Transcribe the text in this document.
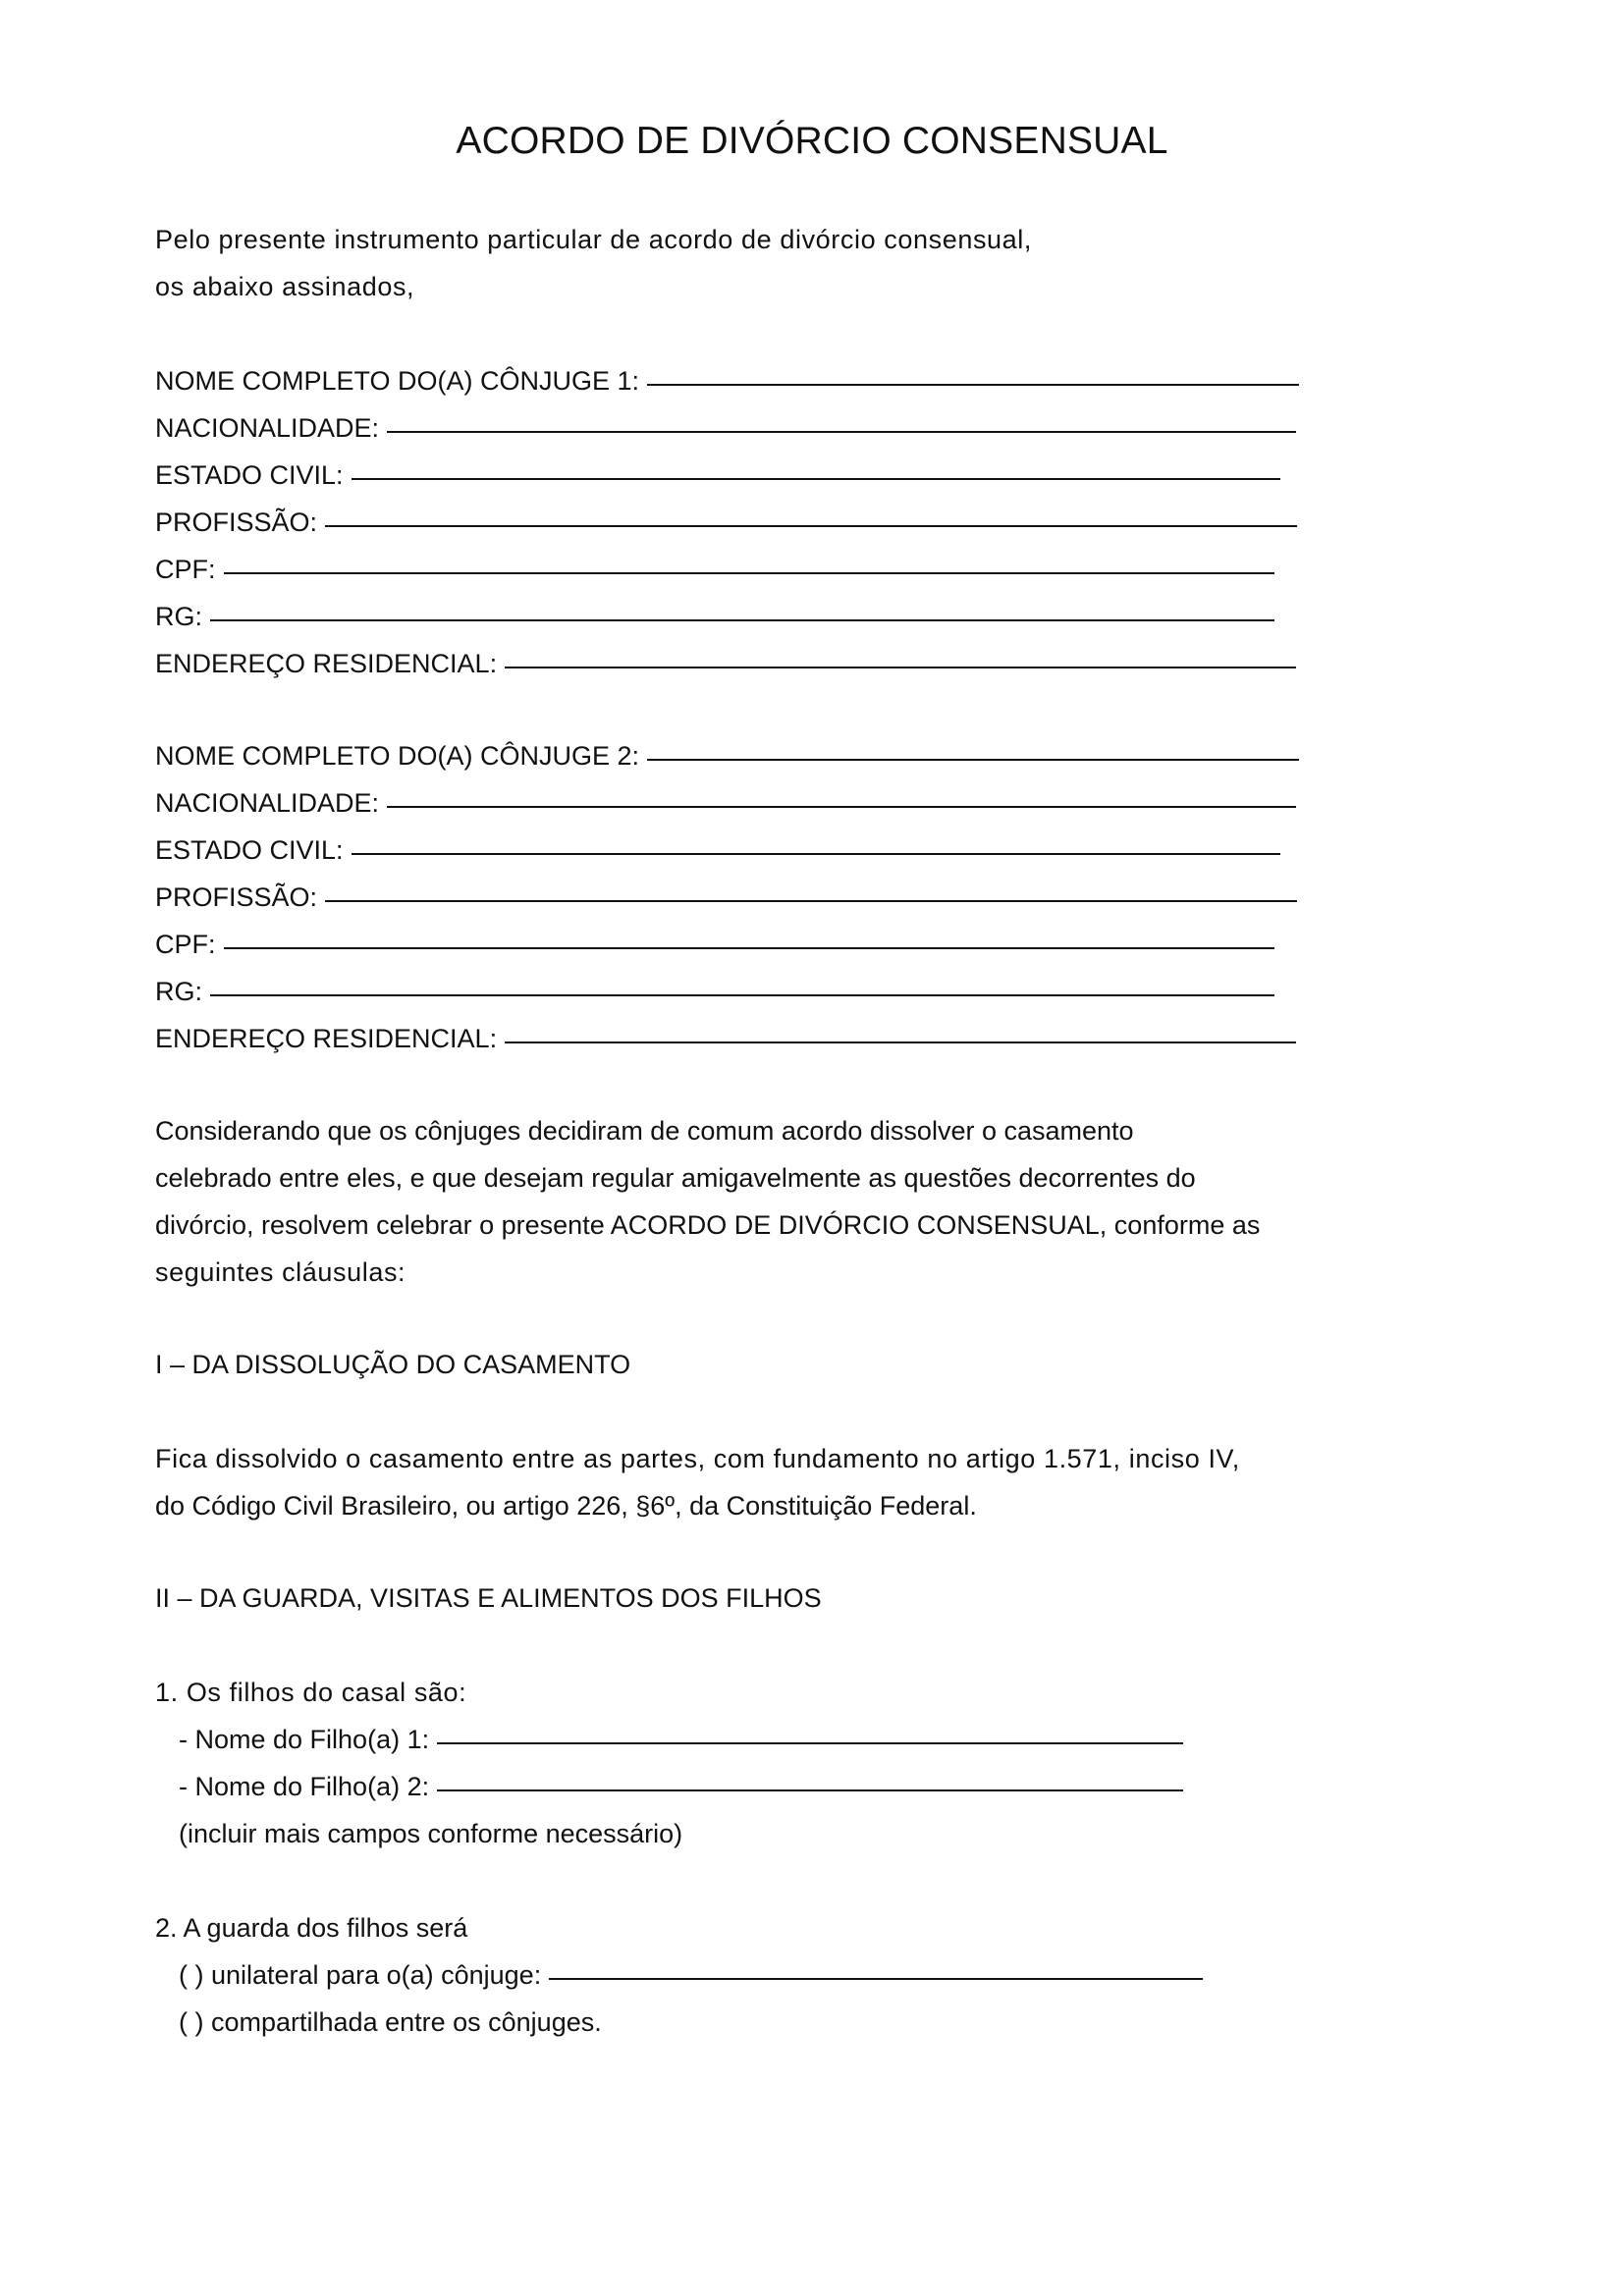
ACORDO DE DIVÓRCIO CONSENSUAL
Pelo presente instrumento particular de acordo de divórcio consensual,
os abaixo assinados,
NOME COMPLETO DO(A) CÔNJUGE 1:
NACIONALIDADE:
ESTADO CIVIL:
PROFISSÃO:
CPF:
RG:
ENDEREÇO RESIDENCIAL:
NOME COMPLETO DO(A) CÔNJUGE 2:
NACIONALIDADE:
ESTADO CIVIL:
PROFISSÃO:
CPF:
RG:
ENDEREÇO RESIDENCIAL:
Considerando que os cônjuges decidiram de comum acordo dissolver o casamento
celebrado entre eles, e que desejam regular amigavelmente as questões decorrentes do
divórcio, resolvem celebrar o presente ACORDO DE DIVÓRCIO CONSENSUAL, conforme as
seguintes cláusulas:
I – DA DISSOLUÇÃO DO CASAMENTO
Fica dissolvido o casamento entre as partes, com fundamento no artigo 1.571, inciso IV,
do Código Civil Brasileiro, ou artigo 226, §6º, da Constituição Federal.
II – DA GUARDA, VISITAS E ALIMENTOS DOS FILHOS
1. Os filhos do casal são:
- Nome do Filho(a) 1:
- Nome do Filho(a) 2:
(incluir mais campos conforme necessário)
2. A guarda dos filhos será
( ) unilateral para o(a) cônjuge:
( ) compartilhada entre os cônjuges.
